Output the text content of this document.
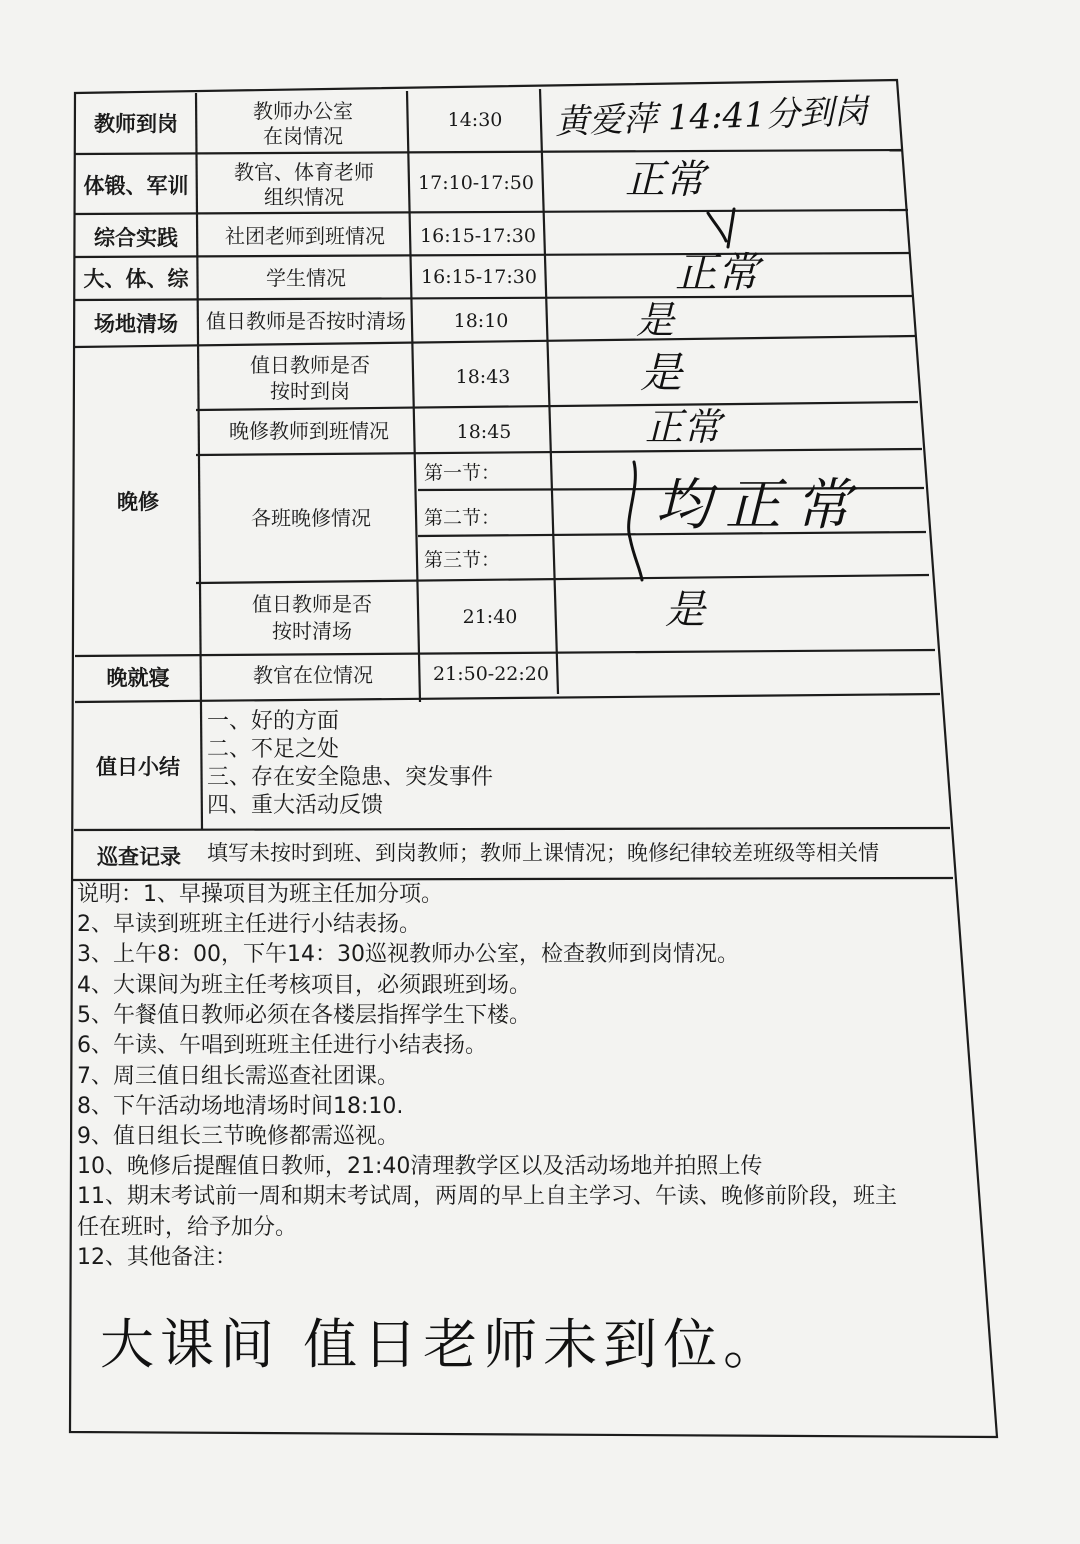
教师到岗
体锻、军训
综合实践
大、体、综
场地清场
晚修
晚就寝
值日小结
巡查记录
教师办公室
在岗情况
教官、体育老师
组织情况
社团老师到班情况
学生情况
值日教师是否按时清场
值日教师是否
按时到岗
晚修教师到班情况
各班晚修情况
值日教师是否
按时清场
教官在位情况
14:30
17:10-17:50
16:15-17:30
16:15-17:30
18:10
18:43
18:45
21:40
21:50-22:20
第一节：
第二节：
第三节：
黄爱萍 14:41分到岗
正常
正常
是
是
正常
均正常
是
一、好的方面
二、不足之处
三、存在安全隐患、突发事件
四、重大活动反馈
填写未按时到班、到岗教师；教师上课情况；晚修纪律较差班级等相关情
说明：1、早操项目为班主任加分项。
2、早读到班班主任进行小结表扬。
3、上午8：00，下午14：30巡视教师办公室，检查教师到岗情况。
4、大课间为班主任考核项目，必须跟班到场。
5、午餐值日教师必须在各楼层指挥学生下楼。
6、午读、午唱到班班主任进行小结表扬。
7、周三值日组长需巡查社团课。
8、下午活动场地清场时间18:10.
9、值日组长三节晚修都需巡视。
10、晚修后提醒值日教师，21:40清理教学区以及活动场地并拍照上传
11、期末考试前一周和期末考试周，两周的早上自主学习、午读、晚修前阶段，班主
任在班时，给予加分。
12、其他备注：
大课间 值日老师未到位。
